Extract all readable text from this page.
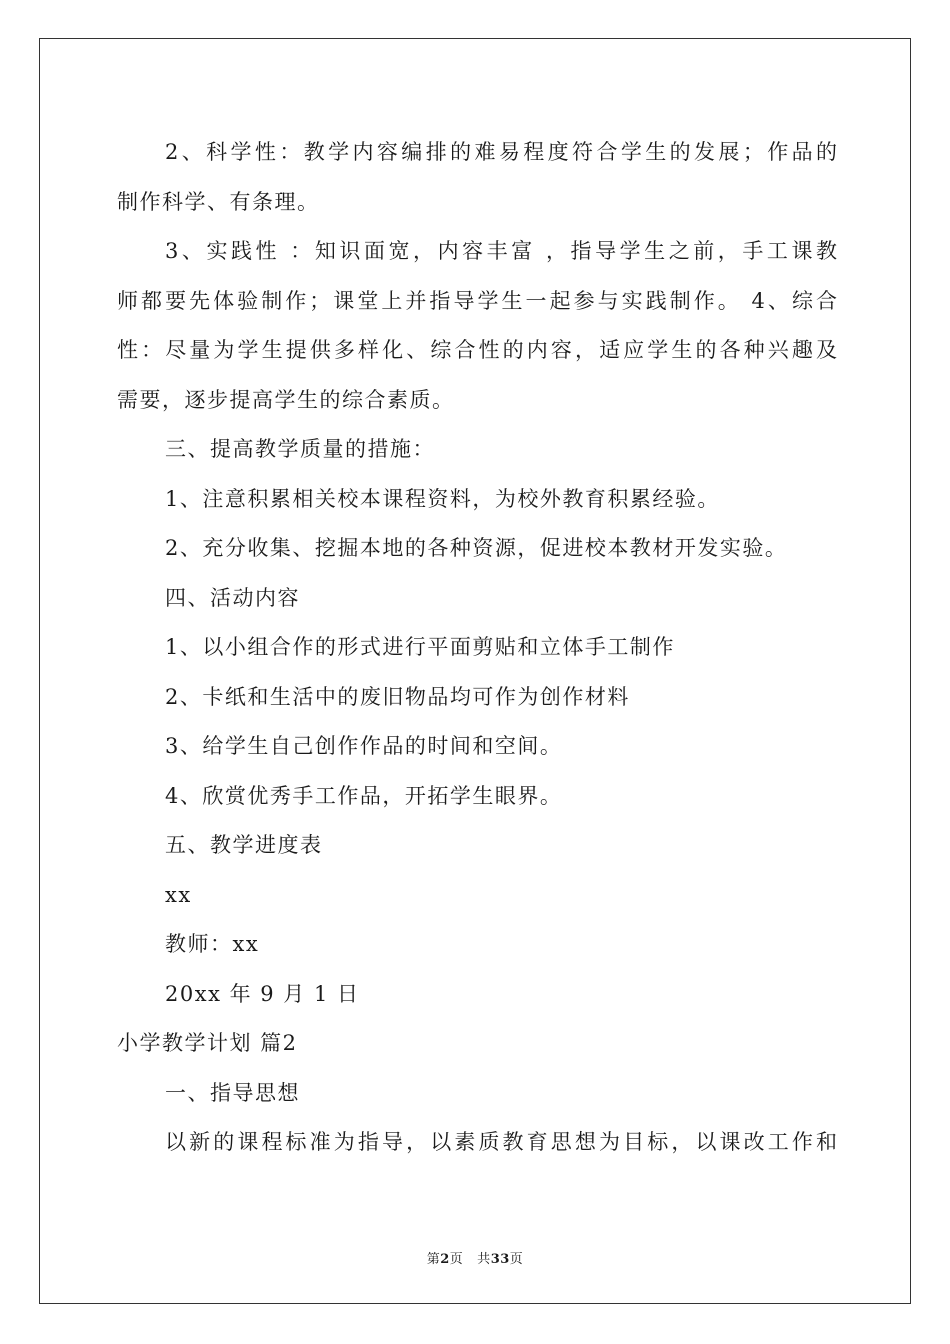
2、科学性：教学内容编排的难易程度符合学生的发展；作品的
制作科学、有条理。
3、实践性 ：知识面宽，内容丰富 ，指导学生之前，手工课教
师都要先体验制作；课堂上并指导学生一起参与实践制作。 4、综合
性：尽量为学生提供多样化、综合性的内容，适应学生的各种兴趣及
需要，逐步提高学生的综合素质。
三、提高教学质量的措施：
1、注意积累相关校本课程资料，为校外教育积累经验。
2、充分收集、挖掘本地的各种资源，促进校本教材开发实验。
四、活动内容
1、以小组合作的形式进行平面剪贴和立体手工制作
2、卡纸和生活中的废旧物品均可作为创作材料
3、给学生自己创作作品的时间和空间。
4、欣赏优秀手工作品，开拓学生眼界。
五、教学进度表
xx
教师：xx
20xx 年 9 月 1 日
小学教学计划 篇2
一、指导思想
以新的课程标准为指导，以素质教育思想为目标，以课改工作和
第2页 共33页
